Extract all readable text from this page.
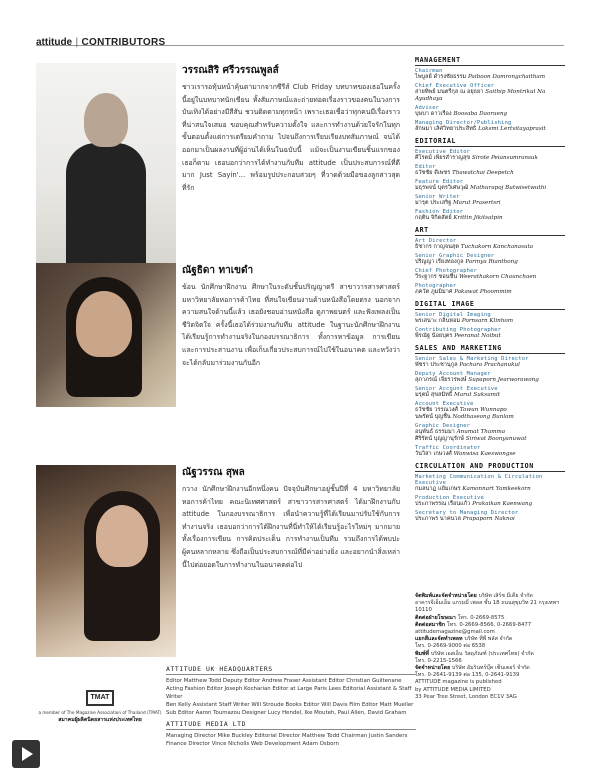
attitude | CONTRIBUTORS
วรรณสิริ ศรีวรรณพูลส์
ชาวเรารอทุ้นหน้าคุ้นตามากจากซีรีส์ Club Friday บทบาทของเธอในครั้งนี้อยู่ในบทบาทนักเขียน ทั้งสัมภาษณ์และถ่ายทอดเรื่องราวของคนในวงการบันเทิงได้อย่างมีสีสัน ชวนติดตามทุกหน้า เพราะเธอเชื่อว่าทุกคนมีเรื่องราวที่น่าสนใจเสมอ ขอบคุณสำหรับความตั้งใจ และการทำงานด้วยใจรักในทุกขั้นตอนตั้งแต่การเตรียมคำถาม ไปจนถึงการเรียบเรียงบทสัมภาษณ์ จนได้ออกมาเป็นผลงานที่ผู้อ่านได้เห็นในฉบับนี้ แม้จะเป็นงานเขียนชิ้นแรกของเธอก็ตาม เธอบอกว่าการได้ทำงานกับทีม attitude เป็นประสบการณ์ที่ดีมาก Just Sayin'... พร้อมรูปประกอบสวยๆ ที่วาดด้วยมือของลูกสาวสุดที่รัก
ณัฐธิดา ทาเขดำ
ข้อน นักศึกษาฝึกงาน ศึกษาในระดับชั้นปริญญาตรี สาขาวารสารศาสตร์ มหาวิทยาลัยหอการค้าไทย ที่สนใจเขียนงานด้านหนังสือโดยตรง นอกจากความสนใจด้านนี้แล้ว เธอยังชอบอ่านหนังสือ ดูภาพยนตร์ และฟังเพลงเป็นชีวิตจิตใจ ครั้งนี้เธอได้ร่วมงานกับทีม attitude ในฐานะนักศึกษาฝึกงาน ได้เรียนรู้การทำงานจริงในกองบรรณาธิการ ทั้งการหาข้อมูล การเขียน และการประสานงาน เพื่อเก็บเกี่ยวประสบการณ์ไปใช้ในอนาคต และหวังว่าจะได้กลับมาร่วมงานกันอีก
ณัฐวรรณ สุพล
กวาง นักศึกษาฝึกงานอีกหนึ่งคน ปัจจุบันศึกษาอยู่ชั้นปีที่ 4 มหาวิทยาลัยหอการค้าไทย คณะนิเทศศาสตร์ สาขาวารสารศาสตร์ ได้มาฝึกงานกับ attitude ในกองบรรณาธิการ เพื่อนำความรู้ที่ได้เรียนมาปรับใช้กับการทำงานจริง เธอบอกว่าการได้ฝึกงานที่นี่ทำให้ได้เรียนรู้อะไรใหม่ๆ มากมาย ทั้งเรื่องการเขียน การคิดประเด็น การทำงานเป็นทีม รวมถึงการได้พบปะผู้คนหลากหลาย ซึ่งถือเป็นประสบการณ์ที่มีค่าอย่างยิ่ง และอยากนำสิ่งเหล่านี้ไปต่อยอดในการทำงานในอนาคตต่อไป
MANAGEMENT
Chairman
ไพบูลย์ ดำรงชัยธรรม Paiboon Damrongchaitham
Chief Executive Officer
สายทิพย์ มนตรีกุล ณ อยุธยา Saithip Montrikul Na Ayudhaya
Adviser
บุษบา ดาวเรือง Boosaba Daorueng
Managing Director/Publishing
ลักษมา เลิศวิทยาประสิทธิ Laksmi Lertvitayaprasit
EDITORIAL
Executive Editor
ศิโรตม์ เพียรสำราญสุข Sirote Peiansumransuk
Editor
ธวัชชัย ดีเพชร Thawatchai Deepetch
Feature Editor
มธุรพจน์ บุตรวิเศษวุฒิ Mathurapoj Butwisetwuthi
Senior Writer
มารุต ประเสริฐ Marut Prasertsri
Fashion Editor
กฤติน จิกิตสัตย์ Krittin Jikitsatpin
ART
Art Director
ธิชากร กาญจนสุต Tuchakorn Kanchanasuta
Senior Graphic Designer
ปริญญา เรียงทองกูล Parinya Rianthong
Chief Photographer
วีระฐากร ชอนชื่น Weerathakorn Chaunchaen
Photographer
ภควัต ภูมมิมาศ Pakawat Phoommim
DIGITAL IMAGE
Senior Digital Imaging
พรเสนาะ กลิ่นหอม Pornsarn Klinhom
Contributing Photographer
พีรณัฐ น้อยบุตร Peeranat Noibut
SALES AND MARKETING
Senior Sales & Marketing Director
พัชรา ประชานุกูล Pachara Prachanukul
Deputy Account Manager
สุภาภรณ์ เจียรวรพงษ์ Supaporn Jearworawong
Senior Account Executive
มรุตม์ สุขสมิทธิ์ Marut Suksumit
Account Executive
ธวัชชัย วรรณวงศ์ Tawun Wunnapo
นพรัตน์ บุญชื่น Nodthaseong Bunlam
Graphic Designer
อนุพันธ์ ธรรมมา Anumat Thamma
ศิริรัตน์ บุญญานุรักษ์ Siriwat Boonyanuwat
Traffic Coordinator
วันวิสา เกษวงศ์ Wanwisa Kaeswongse
CIRCULATION AND PRODUCTION
Marketing Communication & Circulation Executive
กมลนาฏ แย้มเกษร Kamonnart Yamkeekorn
Production Executive
ประภาพรรณ เรือนแก้ว Prakaikan Kaenwang
Secretary to Managing Director
ประภาพร นาคนวล Prapaporn Naknoi
จัดพิมพ์และจัดจำหน่ายโดย บริษัท เสิร์ช มีเดีย จำกัด
อาคารจีเอ็มเอ็ม แกรมมี่ เพลส ชั้น 18 ถนนสุขุมวิท 21 กรุงเทพฯ 10110
ติดต่อฝ่ายโฆษณา โทร. 0-2669-8575
ติดต่อสมาชิก โทร. 0-2669-8566, 0-2669-8477
attitudemagazine@gmail.com
แยกสีและจัดทำเพลท บริษัท ทีพี พลัส จำกัด
โทร. 0-2669-9000 ต่อ 6538
พิมพ์ที่ บริษัท เอสเอ็น วัสดุภัณฑ์ (ประเทศไทย) จำกัด
โทร. 0-2215-1566
จัดจำหน่ายโดย บริษัท อัมรินทร์บุ๊ค เซ็นเตอร์ จำกัด
โทร. 0-2641-9139 ต่อ 135, 0-2641-9139
ATTITUDE magazine is published
by ATTITUDE MEDIA LIMITED
33 Pear Tree Street, London EC1V 3AG
ATTITUDE UK HEADQUARTERS
Editor Matthew Todd Deputy Editor Andrew Fraser Assistant Editor Christian Guiltenane
Acting Fashion Editor Joseph Kocharian Editor at Large Paris Lees Editorial Assistant & Staff Writer
Ben Kelly Assistant Staff Writer Will Stroude Books Editor Will Davis Film Editor Matt Mueller
Sub Editor Aaron Toumazou Designer Lucy Hendel, Ike Mouteh, Paul Allen, David Graham
ATTITUDE MEDIA LTD
Managing Director Mike Buckley Editorial Director Matthew Todd Chairman Justin Sanders
Finance Director Vince Nicholls Web Development Adam Osborn
TMAT
a member of The Magazine Association of Thailand (TMAT)
สมาคมผู้ผลิตนิตยสารแห่งประเทศไทย
